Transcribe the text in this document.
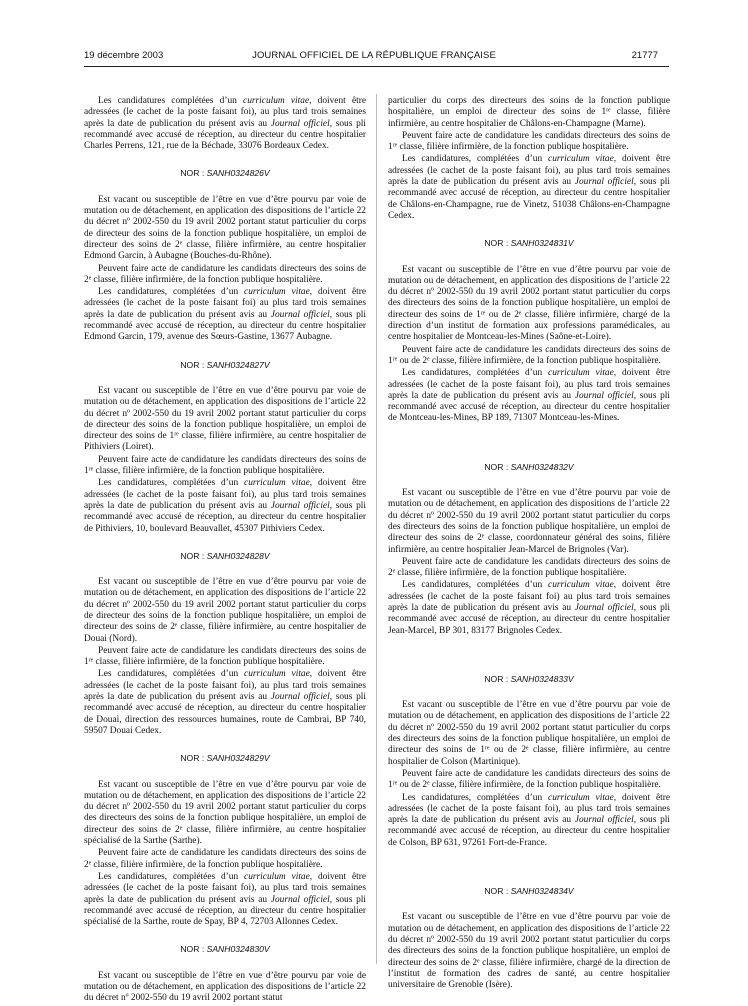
19 décembre 2003	JOURNAL OFFICIEL DE LA RÉPUBLIQUE FRANÇAISE	21777

Les candidatures complétées d’un curriculum vitae, doivent être adressées (le cachet de la poste faisant foi), au plus tard trois semaines après la date de publication du présent avis au Journal officiel, sous pli recommandé avec accusé de réception, au directeur du centre hospitalier Charles Perrens, 121, rue de la Béchade, 33076 Bordeaux Cedex.

NOR : SANH0324826V

Est vacant ou susceptible de l’être en vue d’être pourvu par voie de mutation ou de détachement, en application des dispositions de l’article 22 du décret nº 2002-550 du 19 avril 2002 portant statut particulier du corps de directeur des soins de la fonction publique hospitalière, un emploi de directeur des soins de 2ᵉ classe, filière infirmière, au centre hospitalier Edmond Garcin, à Aubagne (Bouches-du-Rhône).

Peuvent faire acte de candidature les candidats directeurs des soins de 2ᵉ classe, filière infirmière, de la fonction publique hospitalière.

Les candidatures, complétées d’un curriculum vitae, doivent être adressées (le cachet de la poste faisant foi) au plus tard trois semaines après la date de publication du présent avis au Journal officiel, sous pli recommandé avec accusé de réception, au directeur du centre hospitalier Edmond Garcin, 179, avenue des Sœurs-Gastine, 13677 Aubagne.

NOR : SANH0324827V

Est vacant ou susceptible de l’être en vue d’être pourvu par voie de mutation ou de détachement, en application des dispositions de l’article 22 du décret nº 2002-550 du 19 avril 2002 portant statut particulier du corps de directeur des soins de la fonction publique hospitalière, un emploi de directeur des soins de 1ʳᵉ classe, filière infirmière, au centre hospitalier de Pithiviers (Loiret).

Peuvent faire acte de candidature les candidats directeurs des soins de 1ʳᵉ classe, filière infirmière, de la fonction publique hospitalière.

Les candidatures, complétées d’un curriculum vitae, doivent être adressées (le cachet de la poste faisant foi), au plus tard trois semaines après la date de publication du présent avis au Journal officiel, sous pli recommandé avec accusé de réception, au directeur du centre hospitalier de Pithiviers, 10, boulevard Beauvallet, 45307 Pithiviers Cedex.

NOR : SANH0324828V

Est vacant ou susceptible de l’être en vue d’être pourvu par voie de mutation ou de détachement, en application des dispositions de l’article 22 du décret nº 2002-550 du 19 avril 2002 portant statut particulier du corps de directeur des soins de la fonction publique hospitalière, un emploi de directeur des soins de 2ᵉ classe, filière infirmière, au centre hospitalier de Douai (Nord).

Peuvent faire acte de candidature les candidats directeurs des soins de 1ʳᵉ classe, filière infirmière, de la fonction publique hospitalière.

Les candidatures, complétées d’un curriculum vitae, doivent être adressées (le cachet de la poste faisant foi), au plus tard trois semaines après la date de publication du présent avis au Journal officiel, sous pli recommandé avec accusé de réception, au directeur du centre hospitalier de Douai, direction des ressources humaines, route de Cambrai, BP 740, 59507 Douai Cedex.

NOR : SANH0324829V

Est vacant ou susceptible de l’être en vue d’être pourvu par voie de mutation ou de détachement, en application des dispositions de l’article 22 du décret nº 2002-550 du 19 avril 2002 portant statut particulier du corps des directeurs des soins de la fonction publique hospitalière, un emploi de directeur des soins de 2ᵉ classe, filière infirmière, au centre hospitalier spécialisé de la Sarthe (Sarthe).

Peuvent faire acte de candidature les candidats directeurs des soins de 2ᵉ classe, filière infirmière, de la fonction publique hospitalière.

Les candidatures, complétées d’un curriculum vitae, doivent être adressées (le cachet de la poste faisant foi), au plus tard trois semaines après la date de publication du présent avis au Journal officiel, sous pli recommandé avec accusé de réception, au directeur du centre hospitalier spécialisé de la Sarthe, route de Spay, BP 4, 72703 Allonnes Cedex.

NOR : SANH0324830V

Est vacant ou susceptible de l’être en vue d’être pourvu par voie de mutation ou de détachement, en application des dispositions de l’article 22 du décret nº 2002-550 du 19 avril 2002 portant statut

particulier du corps des directeurs des soins de la fonction publique hospitalière, un emploi de directeur des soins de 1ʳᵉ classe, filière infirmière, au centre hospitalier de Châlons-en-Champagne (Marne).

Peuvent faire acte de candidature les candidats directeurs des soins de 1ʳᵉ classe, filière infirmière, de la fonction publique hospitalière.

Les candidatures, complétées d’un curriculum vitae, doivent être adressées (le cachet de la poste faisant foi), au plus tard trois semaines après la date de publication du présent avis au Journal officiel, sous pli recommandé avec accusé de réception, au directeur du centre hospitalier de Châlons-en-Champagne, rue de Vinetz, 51038 Châlons-en-Champagne Cedex.

NOR : SANH0324831V

Est vacant ou susceptible de l’être en vue d’être pourvu par voie de mutation ou de détachement, en application des dispositions de l’article 22 du décret nº 2002-550 du 19 avril 2002 portant statut particulier du corps des directeurs des soins de la fonction publique hospitalière, un emploi de directeur des soins de 1ʳᵉ ou de 2ᵉ classe, filière infirmière, chargé de la direction d’un institut de formation aux professions paramédicales, au centre hospitalier de Montceau-les-Mines (Saône-et-Loire).

Peuvent faire acte de candidature les candidats directeurs des soins de 1ʳᵉ ou de 2ᵉ classe, filière infirmière, de la fonction publique hospitalière.

Les candidatures, complétées d’un curriculum vitae, doivent être adressées (le cachet de la poste faisant foi), au plus tard trois semaines après la date de publication du présent avis au Journal officiel, sous pli recommandé avec accusé de réception, au directeur du centre hospitalier de Montceau-les-Mines, BP 189, 71307 Montceau-les-Mines.

NOR : SANH0324832V

Est vacant ou susceptible de l’être en vue d’être pourvu par voie de mutation ou de détachement, en application des dispositions de l’article 22 du décret nº 2002-550 du 19 avril 2002 portant statut particulier du corps des directeurs des soins de la fonction publique hospitalière, un emploi de directeur des soins de 2ᵉ classe, coordonnateur général des soins, filière infirmière, au centre hospitalier Jean-Marcel de Brignoles (Var).

Peuvent faire acte de candidature les candidats directeurs des soins de 2ᵉ classe, filière infirmière, de la fonction publique hospitalière.

Les candidatures, complétées d’un curriculum vitae, doivent être adressées (le cachet de la poste faisant foi) au plus tard trois semaines après la date de publication du présent avis au Journal officiel, sous pli recommandé avec accusé de réception, au directeur du centre hospitalier Jean-Marcel, BP 301, 83177 Brignoles Cedex.

NOR : SANH0324833V

Est vacant ou susceptible de l’être en vue d’être pourvu par voie de mutation ou de détachement, en application des dispositions de l’article 22 du décret nº 2002-550 du 19 avril 2002 portant statut particulier du corps des directeurs des soins de la fonction publique hospitalière, un emploi de directeur des soins de 1ʳᵉ ou de 2ᵉ classe, filière infirmière, au centre hospitalier de Colson (Martinique).

Peuvent faire acte de candidature les candidats directeurs des soins de 1ʳᵉ ou de 2ᵉ classe, filière infirmière, de la fonction publique hospitalière.

Les candidatures, complétées d’un curriculum vitae, doivent être adressées (le cachet de la poste faisant foi), au plus tard trois semaines après la date de publication du présent avis au Journal officiel, sous pli recommandé avec accusé de réception, au directeur du centre hospitalier de Colson, BP 631, 97261 Fort-de-France.

NOR : SANH0324834V

Est vacant ou susceptible de l’être en vue d’être pourvu par voie de mutation ou de détachement, en application des dispositions de l’article 22 du décret nº 2002-550 du 19 avril 2002 portant statut particulier du corps des directeurs des soins de la fonction publique hospitalière, un emploi de directeur des soins de 2ᵉ classe, filière infirmière, chargé de la direction de l’institut de formation des cadres de santé, au centre hospitalier universitaire de Grenoble (Isère).
